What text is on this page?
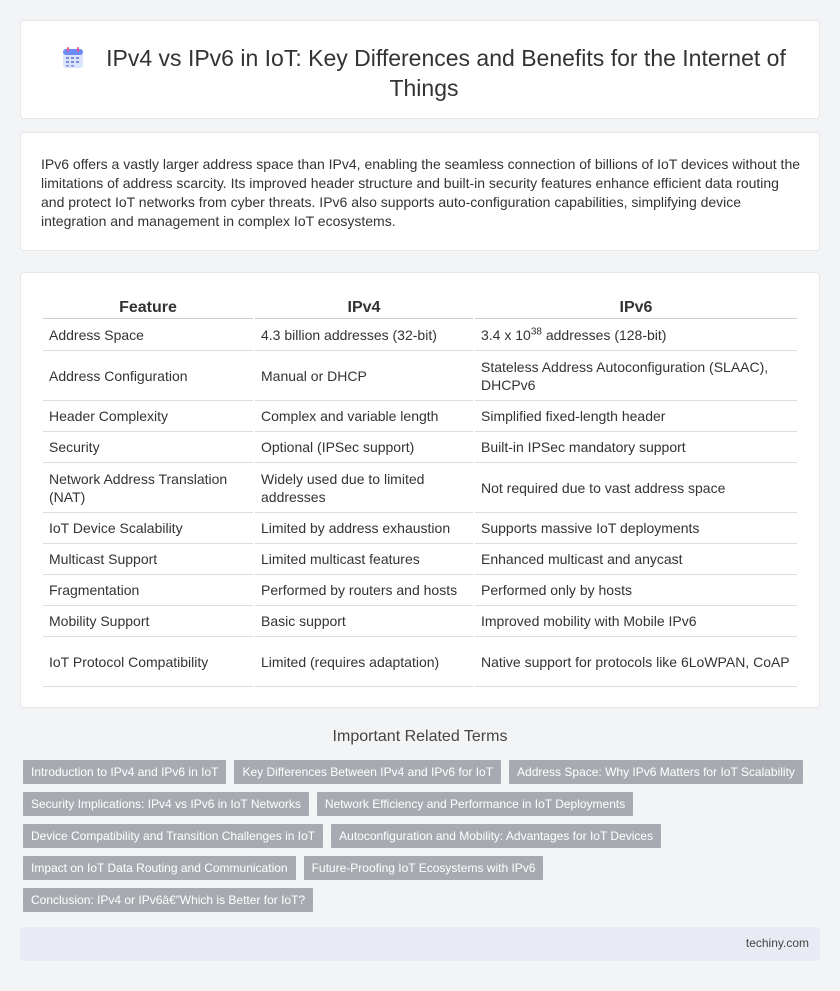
IPv4 vs IPv6 in IoT: Key Differences and Benefits for the Internet of Things

IPv6 offers a vastly larger address space than IPv4, enabling the seamless connection of billions of IoT devices without the limitations of address scarcity. Its improved header structure and built-in security features enhance efficient data routing and protect IoT networks from cyber threats. IPv6 also supports auto-configuration capabilities, simplifying device integration and management in complex IoT ecosystems.

Feature	IPv4	IPv6
Address Space	4.3 billion addresses (32-bit)	3.4 x $10^{38}$ addresses (128-bit)
Address Configuration	Manual or DHCP	Stateless Address Autoconfiguration (SLAAC), DHCPv6
Header Complexity	Complex and variable length	Simplified fixed-length header
Security	Optional (IPSec support)	Built-in IPSec mandatory support
Network Address Translation (NAT)	Widely used due to limited addresses	Not required due to vast address space
IoT Device Scalability	Limited by address exhaustion	Supports massive IoT deployments
Multicast Support	Limited multicast features	Enhanced multicast and anycast
Fragmentation	Performed by routers and hosts	Performed only by hosts
Mobility Support	Basic support	Improved mobility with Mobile IPv6
IoT Protocol Compatibility	Limited (requires adaptation)	Native support for protocols like 6LoWPAN, CoAP
Important Related Terms
Introduction to IPv4 and IPv6 in IoT	Key Differences Between IPv4 and IPv6 for IoT	Address Space: Why IPv6 Matters for IoT Scalability
Security Implications: IPv4 vs IPv6 in IoT Networks	Network Efficiency and Performance in IoT Deployments
Device Compatibility and Transition Challenges in IoT	Autoconfiguration and Mobility: Advantages for IoT Devices
Impact on IoT Data Routing and Communication	Future-Proofing IoT Ecosystems with IPv6
Conclusion: IPv4 or IPv6â€”Which is Better for IoT?
techiny.com
